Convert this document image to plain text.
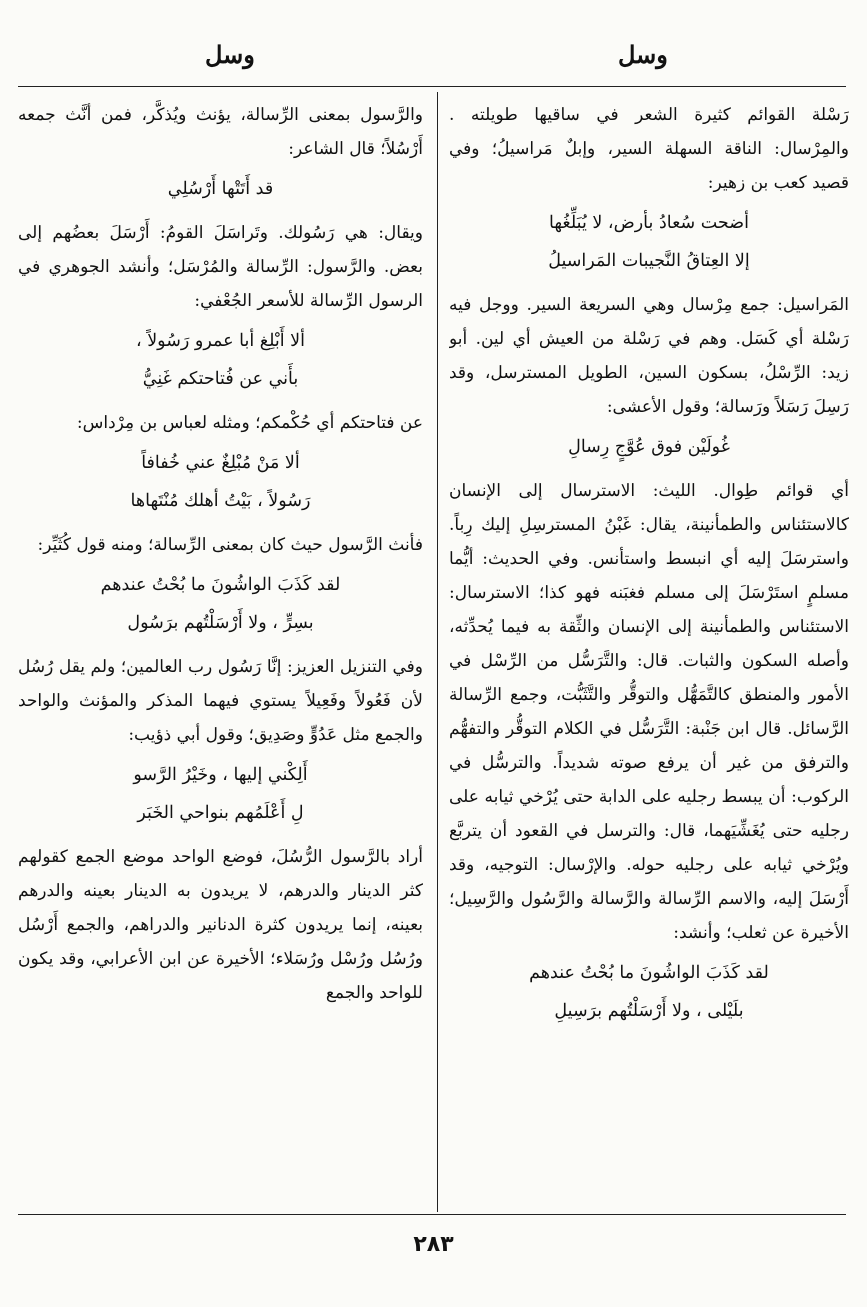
وسل
وسل

رَسْلة القوائم كثيرة الشعر في ساقيها طويلته . والمِرْسال: الناقة السهلة السير، وإبلٌ مَراسيلُ؛ وفي قصيد كعب بن زهير:

أضحت سُعادُ بأرض، لا يُبَلِّغُها
إلا العِتاقُ النَّجيبات المَراسيلُ

المَراسيل: جمع مِرْسال وهي السريعة السير. ووجل فيه رَسْلة أي كَسَل. وهم في رَسْلة من العيش أي لين. أبو زيد: الرِّسْلُ، بسكون السين، الطويل المسترسل، وقد رَسِلَ رَسَلاً ورَسالة؛ وقول الأعشى:

غُولَيْن فوق عُوَّجٍ رِسالِ

أي قوائم طِوال. الليث: الاسترسال إلى الإنسان كالاستئناس والطمأنينة، يقال: غَبْنُ المسترسِلِ إليك رِباً. واسترسَلَ إليه أي انبسط واستأنس. وفي الحديث: أيُّما مسلمٍ استَرْسَلَ إلى مسلم فغبَنه فهو كذا؛ الاسترسال: الاستئناس والطمأنينة إلى الإنسان والثِّقة به فيما يُحدِّثه، وأصله السكون والثبات. قال: والتَّرَسُّل من الرِّسْل في الأمور والمنطق كالتَّمَهُّل والتوقُّر والتَّثَبُّت، وجمع الرِّسالة الرَّسائل. قال ابن جَنْبة: التَّرَسُّل في الكلام التوقُّر والتفهُّم والترفق من غير أن يرفع صوته شديداً. والترسُّل في الركوب: أن يبسط رجليه على الدابة حتى يُرْخي ثيابه على رجليه حتى يُغَشِّيَهما، قال: والترسل في القعود أن يتربَّع ويُرْخي ثيابه على رجليه حوله. والإرْسال: التوجيه، وقد أَرْسَلَ إليه، والاسم الرِّسالة والرَّسالة والرَّسُول والرَّسِيل؛ الأخيرة عن ثعلب؛ وأنشد:

لقد كَذَبَ الواشُونَ ما بُحْتُ عندهم
بلَيْلى ، ولا أَرْسَلْتُهم برَسِيلِ

والرَّسول بمعنى الرِّسالة، يؤنث ويُذكَّر، فمن أنَّث جمعه أَرْسُلاً؛ قال الشاعر:

قد أَتَتْها أَرْسُلِي

ويقال: هي رَسُولك. وتَراسَلَ القومُ: أَرْسَلَ بعضُهم إلى بعض. والرَّسول: الرِّسالة والمُرْسَل؛ وأنشد الجوهري في الرسول الرِّسالة للأسعر الجُعْفي:

ألا أَبْلِغ أبا عمرو رَسُولاً ،
بأَني عن فُتاحتكم غَنِيُّ

عن فتاحتكم أي حُكْمكم؛ ومثله لعباس بن مِرْداس:

ألا مَنْ مُبْلِغٌ عني خُفافاً
رَسُولاً ، بَيْتُ أهلك مُنْتَهاها

فأنث الرَّسول حيث كان بمعنى الرِّسالة؛ ومنه قول كُثَيِّر:

لقد كَذَبَ الواشُونَ ما بُحْتُ عندهم
بسِرٍّ ، ولا أَرْسَلْتُهم برَسُول

وفي التنزيل العزيز: إنَّا رَسُول رب العالمين؛ ولم يقل رُسُل لأن فَعُولاً وفَعِيلاً يستوي فيهما المذكر والمؤنث والواحد والجمع مثل عَدُوٍّ وصَدِيق؛ وقول أبي ذؤيب:

أَلِكْني إليها ، وخَيْرُ الرَّسو
لِ أَعْلَمُهم بنواحي الخَبَر

أراد بالرَّسول الرُّسُلَ، فوضع الواحد موضع الجمع كقولهم كثر الدينار والدرهم، لا يريدون به الدينار بعينه والدرهم بعينه، إنما يريدون كثرة الدنانير والدراهم، والجمع أَرْسُل ورُسُل ورُسْل ورُسَلاء؛ الأخيرة عن ابن الأعرابي، وقد يكون للواحد والجمع

٢٨٣
